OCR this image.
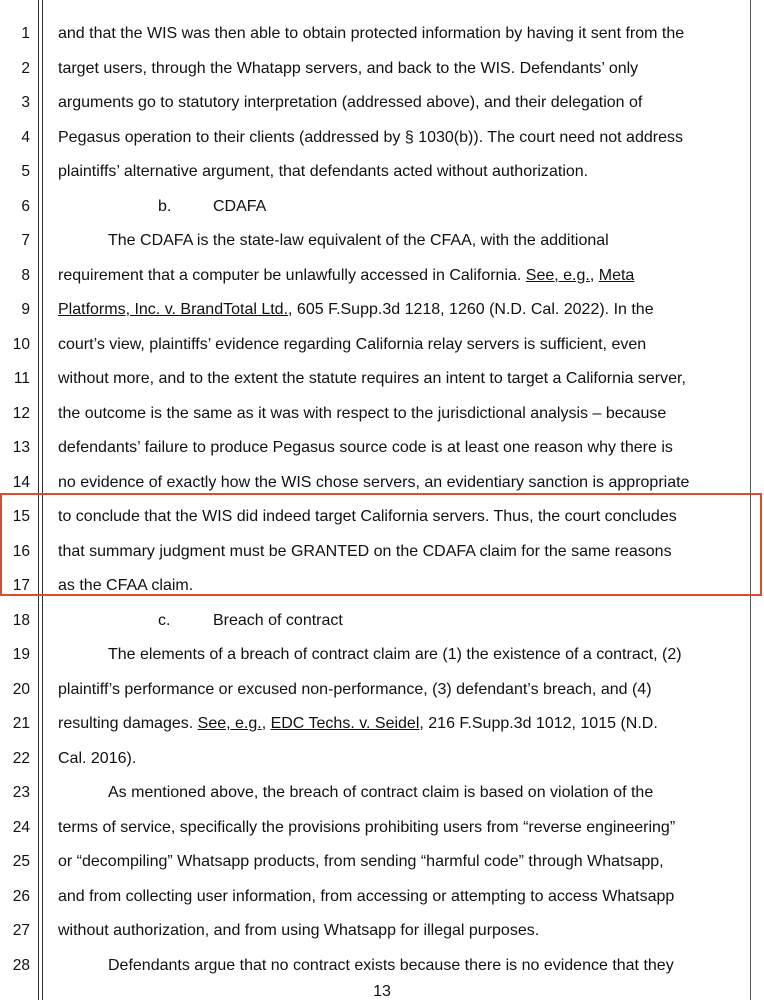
1
2
3
4
5
6
7
8
9
10
11
12
13
14
15
16
17
18
19
20
21
22
23
24
25
26
27
28
and that the WIS was then able to obtain protected information by having it sent from the
target users, through the Whatapp servers, and back to the WIS. Defendants’ only
arguments go to statutory interpretation (addressed above), and their delegation of
Pegasus operation to their clients (addressed by § 1030(b)). The court need not address
plaintiffs’ alternative argument, that defendants acted without authorization.
b.	CDAFA
The CDAFA is the state-law equivalent of the CFAA, with the additional
requirement that a computer be unlawfully accessed in California. See, e.g., Meta
Platforms, Inc. v. BrandTotal Ltd., 605 F.Supp.3d 1218, 1260 (N.D. Cal. 2022). In the
court’s view, plaintiffs’ evidence regarding California relay servers is sufficient, even
without more, and to the extent the statute requires an intent to target a California server,
the outcome is the same as it was with respect to the jurisdictional analysis – because
defendants’ failure to produce Pegasus source code is at least one reason why there is
no evidence of exactly how the WIS chose servers, an evidentiary sanction is appropriate
to conclude that the WIS did indeed target California servers. Thus, the court concludes
that summary judgment must be GRANTED on the CDAFA claim for the same reasons
as the CFAA claim.
c.	Breach of contract
The elements of a breach of contract claim are (1) the existence of a contract, (2)
plaintiff’s performance or excused non-performance, (3) defendant’s breach, and (4)
resulting damages. See, e.g., EDC Techs. v. Seidel, 216 F.Supp.3d 1012, 1015 (N.D.
Cal. 2016).
As mentioned above, the breach of contract claim is based on violation of the
terms of service, specifically the provisions prohibiting users from “reverse engineering”
or “decompiling” Whatsapp products, from sending “harmful code” through Whatsapp,
and from collecting user information, from accessing or attempting to access Whatsapp
without authorization, and from using Whatsapp for illegal purposes.
Defendants argue that no contract exists because there is no evidence that they
13
